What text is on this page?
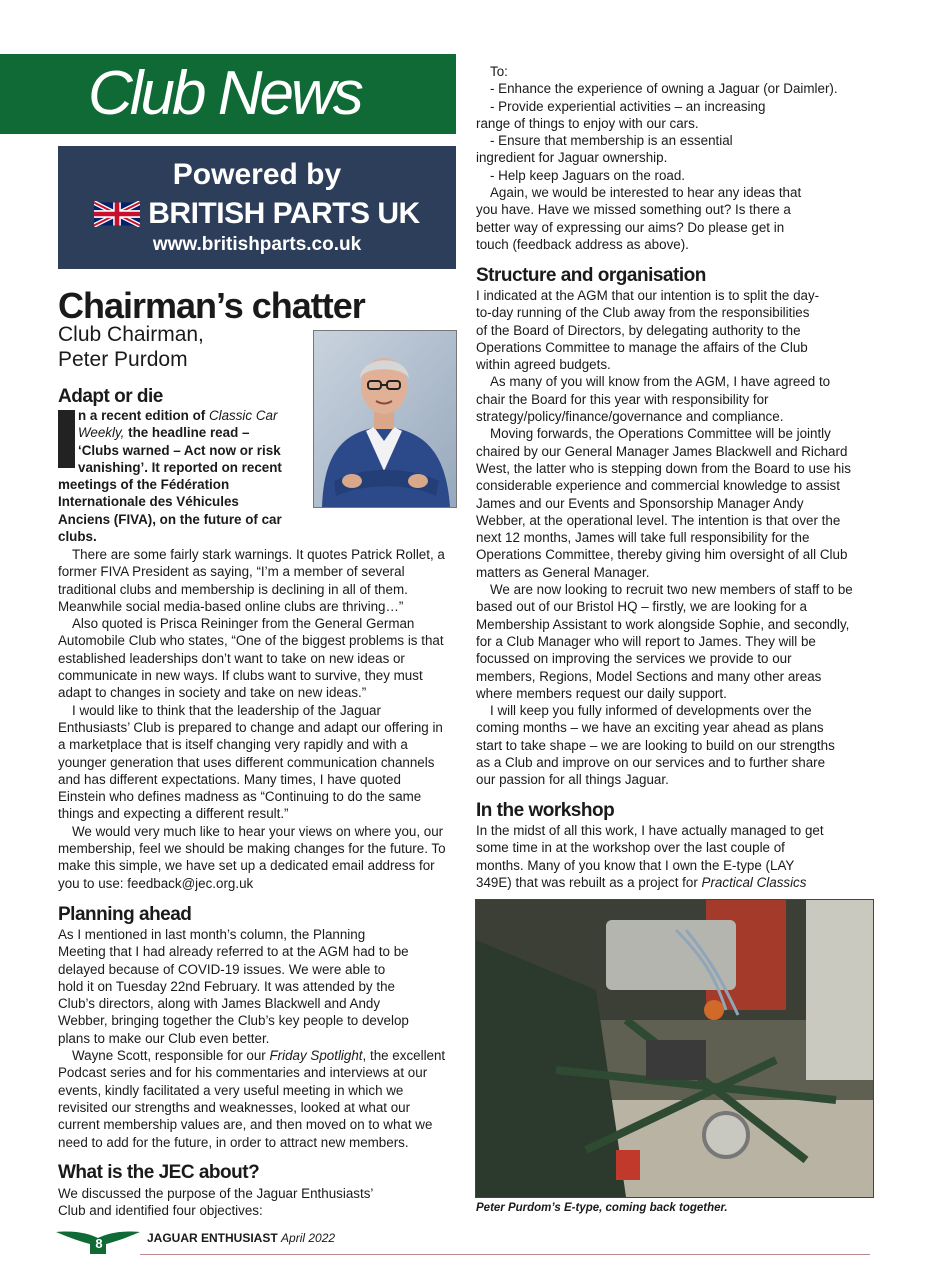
Club News
Powered by
BRITISH PARTS UK
www.britishparts.co.uk
Chairman’s chatter
Club Chairman,
Peter Purdom
Adapt or die
n a recent edition of Classic Car Weekly, the headline read – ‘Clubs warned – Act now or risk vanishing’. It reported on recent meetings of the Fédération Internationale des Véhicules Anciens (FIVA), on the future of car clubs.

There are some fairly stark warnings. It quotes Patrick Rollet, a former FIVA President as saying, “I’m a member of several traditional clubs and membership is declining in all of them. Meanwhile social media-based online clubs are thriving…”

Also quoted is Prisca Reininger from the General German Automobile Club who states, “One of the biggest problems is that established leaderships don’t want to take on new ideas or communicate in new ways. If clubs want to survive, they must adapt to changes in society and take on new ideas.”

I would like to think that the leadership of the Jaguar Enthusiasts’ Club is prepared to change and adapt our offering in a marketplace that is itself changing very rapidly and with a younger generation that uses different communication channels and has different expectations. Many times, I have quoted Einstein who defines madness as “Continuing to do the same things and expecting a different result.”

We would very much like to hear your views on where you, our membership, feel we should be making changes for the future. To make this simple, we have set up a dedicated email address for you to use: feedback@jec.org.uk

Planning ahead

As I mentioned in last month’s column, the Planning Meeting that I had already referred to at the AGM had to be delayed because of COVID-19 issues. We were able to hold it on Tuesday 22nd February. It was attended by the Club’s directors, along with James Blackwell and Andy Webber, bringing together the Club’s key people to develop plans to make our Club even better.

Wayne Scott, responsible for our Friday Spotlight, the excellent Podcast series and for his commentaries and interviews at our events, kindly facilitated a very useful meeting in which we revisited our strengths and weaknesses, looked at what our current membership values are, and then moved on to what we need to add for the future, in order to attract new members.

What is the JEC about?
We discussed the purpose of the Jaguar Enthusiasts’ Club and identified four objectives:

To:

- Enhance the experience of owning a Jaguar (or Daimler).

- Provide experiential activities – an increasing range of things to enjoy with our cars.

- Ensure that membership is an essential ingredient for Jaguar ownership.

- Help keep Jaguars on the road.

Again, we would be interested to hear any ideas that you have. Have we missed something out? Is there a better way of expressing our aims? Do please get in touch (feedback address as above).

Structure and organisation

I indicated at the AGM that our intention is to split the day-to-day running of the Club away from the responsibilities of the Board of Directors, by delegating authority to the Operations Committee to manage the affairs of the Club within agreed budgets.

As many of you will know from the AGM, I have agreed to chair the Board for this year with responsibility for strategy/policy/finance/governance and compliance.

Moving forwards, the Operations Committee will be jointly chaired by our General Manager James Blackwell and Richard West, the latter who is stepping down from the Board to use his considerable experience and commercial knowledge to assist James and our Events and Sponsorship Manager Andy Webber, at the operational level. The intention is that over the next 12 months, James will take full responsibility for the Operations Committee, thereby giving him oversight of all Club matters as General Manager.

We are now looking to recruit two new members of staff to be based out of our Bristol HQ – firstly, we are looking for a Membership Assistant to work alongside Sophie, and secondly, for a Club Manager who will report to James. They will be focussed on improving the services we provide to our members, Regions, Model Sections and many other areas where members request our daily support.

I will keep you fully informed of developments over the coming months – we have an exciting year ahead as plans start to take shape – we are looking to build on our strengths as a Club and improve on our services and to further share our passion for all things Jaguar.

In the workshop

In the midst of all this work, I have actually managed to get some time in at the workshop over the last couple of months. Many of you know that I own the E-type (LAY 349E) that was rebuilt as a project for Practical Classics

Peter Purdom’s E-type, coming back together.
8	JAGUAR ENTHUSIAST April 2022
